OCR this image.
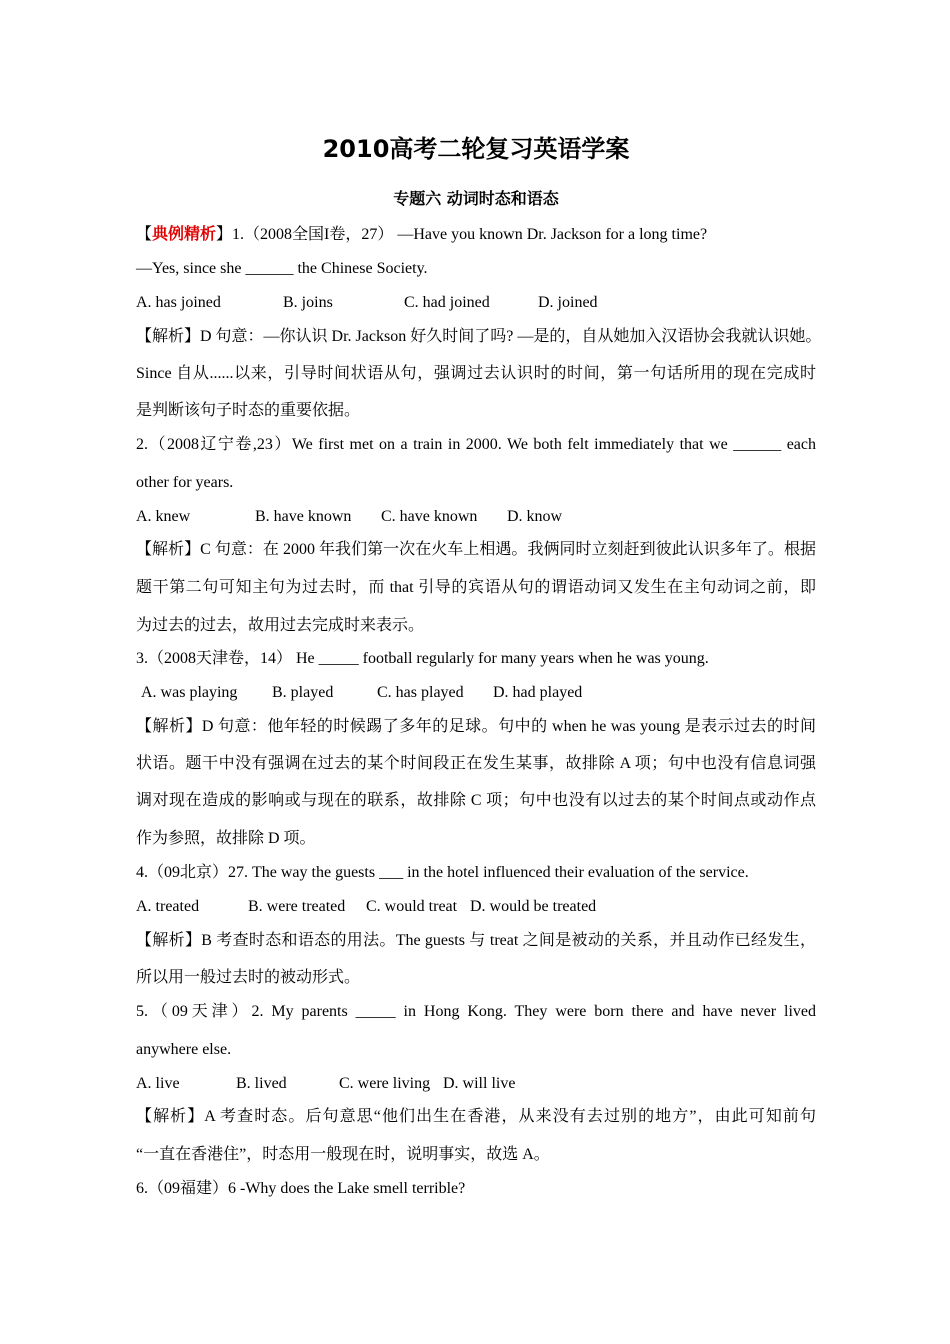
2010高考二轮复习英语学案
专题六 动词时态和语态
【典例精析】1.（2008全国I卷，27） —Have you known Dr. Jackson for a long time?
—Yes, since she ______ the Chinese Society.
A. has joined	B. joins	C. had joined	D. joined
【解析】D 句意：—你认识 Dr. Jackson 好久时间了吗? —是的，自从她加入汉语协会我就认识她。
Since 自从......以来，引导时间状语从句，强调过去认识时的时间，第一句话所用的现在完成时
是判断该句子时态的重要依据。
2.（2008辽宁卷,23）We first met on a train in 2000. We both felt immediately that we ______ each
other for years.
A. knew	B. have known C. have known D. know
【解析】C 句意：在 2000 年我们第一次在火车上相遇。我俩同时立刻赶到彼此认识多年了。根据
题干第二句可知主句为过去时，而 that 引导的宾语从句的谓语动词又发生在主句动词之前，即
为过去的过去，故用过去完成时来表示。
3.（2008天津卷，14） He _____ football regularly for many years when he was young.
A. was playing B. played	C. has played D. had played
【解析】D 句意：他年轻的时候踢了多年的足球。句中的 when he was young 是表示过去的时间
状语。题干中没有强调在过去的某个时间段正在发生某事，故排除 A 项；句中也没有信息词强
调对现在造成的影响或与现在的联系，故排除 C 项；句中也没有以过去的某个时间点或动作点
作为参照，故排除 D 项。
4.（09北京）27. The way the guests ___ in the hotel influenced their evaluation of the service.
A. treated	B. were treated C. would treat D. would be treated
【解析】B 考查时态和语态的用法。The guests 与 treat 之间是被动的关系，并且动作已经发生，
所以用一般过去时的被动形式。
5.（09天津）2. My parents _____ in Hong Kong. They were born there and have never lived
anywhere else.
A. live	B. lived	C. were living D. will live
【解析】A 考查时态。后句意思“他们出生在香港，从来没有去过别的地方”，由此可知前句
“一直在香港住”，时态用一般现在时，说明事实，故选 A。
6.（09福建）6 -Why does the Lake smell terrible?
